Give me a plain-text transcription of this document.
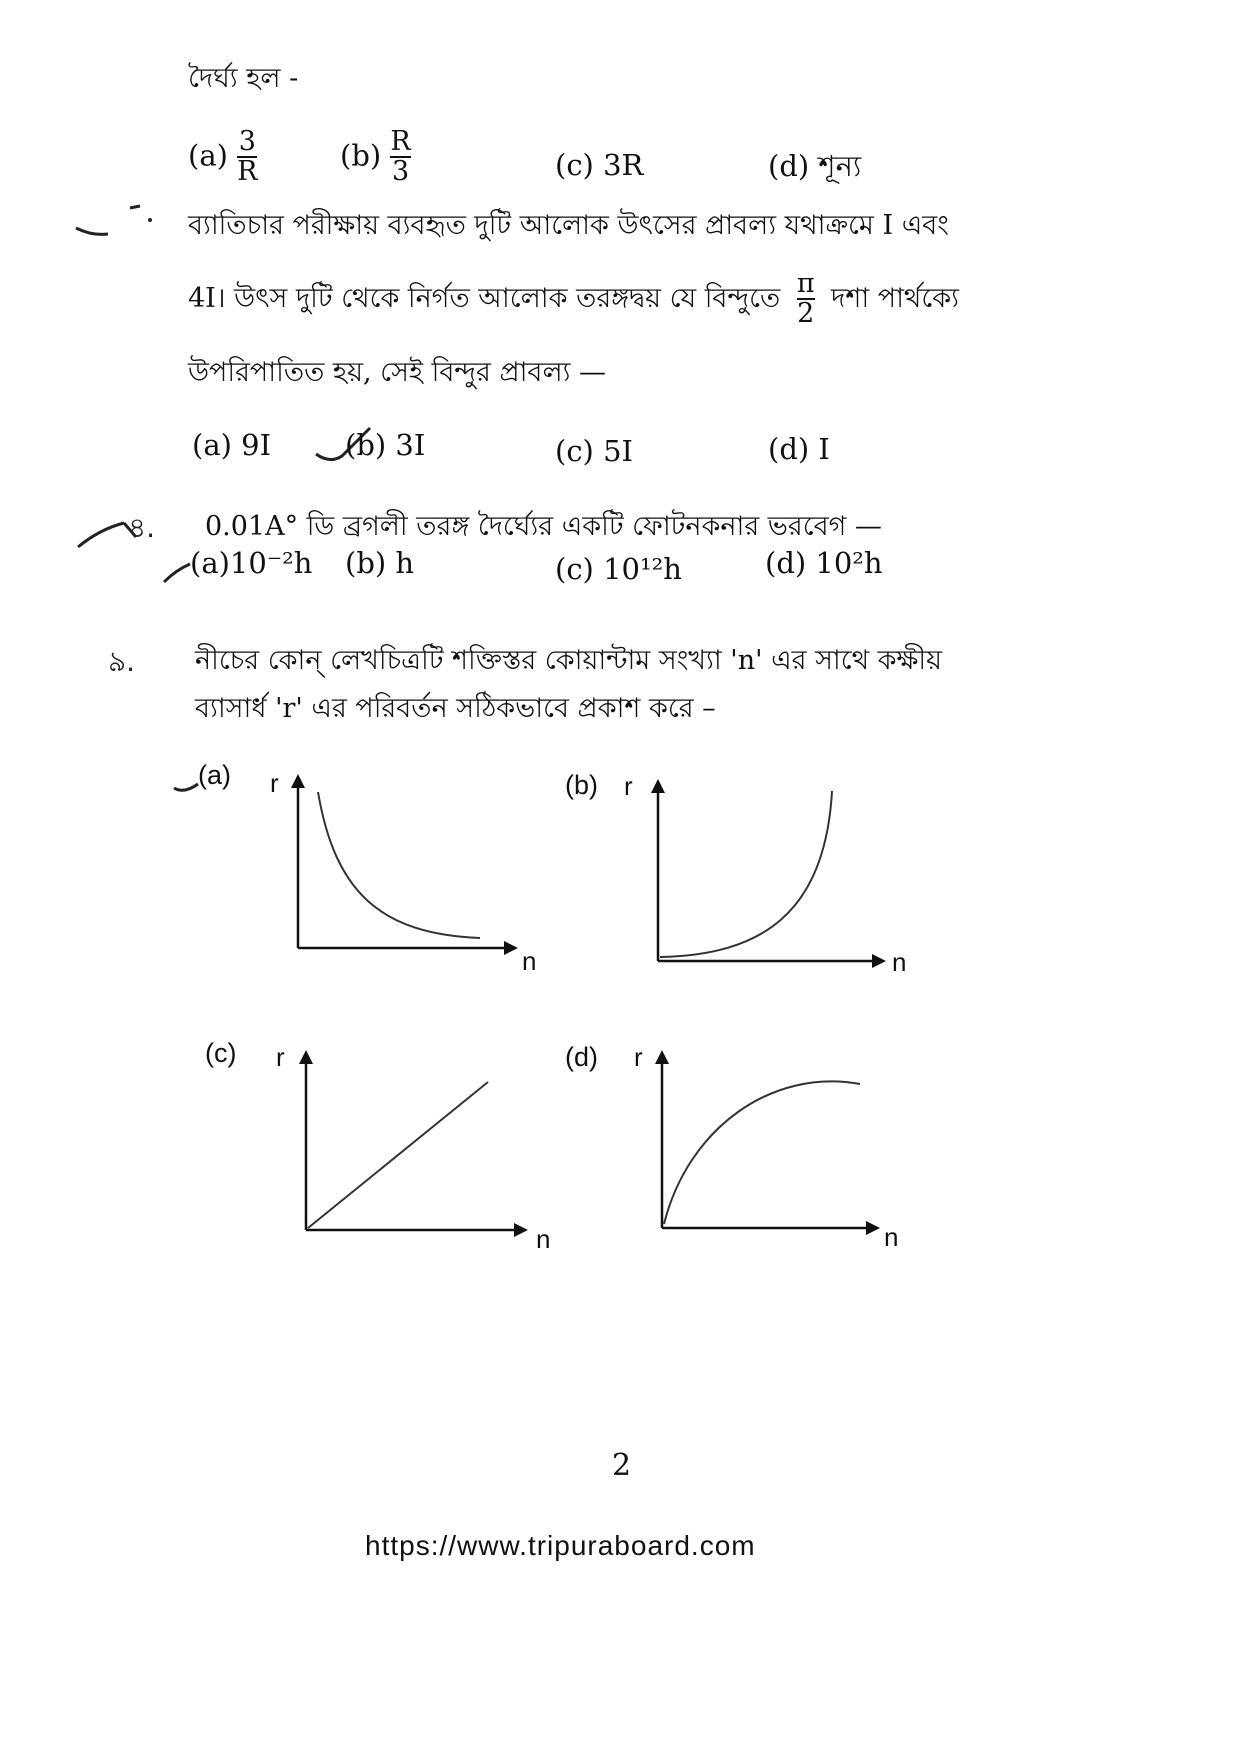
দৈর্ঘ্য হল -
$(a) \frac{3}{R}$	$(b) \frac{R}{3}$	(c) 3R	(d) শূন্য
ব্যাতিচার পরীক্ষায় ব্যবহৃত দুটি আলোক উৎসের প্রাবল্য যথাক্রমে I এবং
4I। উৎস দুটি থেকে নির্গত আলোক তরঙ্গদ্বয় যে বিন্দুতে $\frac{\pi}{2}$ দশা পার্থক্যে
উপরিপাতিত হয়, সেই বিন্দুর প্রাবল্য —
(a) 9I	(b) 3I	(c) 5I	(d) I
৪. 0.01A° ডি ব্রগলী তরঙ্গ দৈর্ঘ্যের একটি ফোটনকনার ভরবেগ —
(a)10⁻²h (b) h	(c) 10¹²h	(d) 10²h
৯. নীচের কোন্ লেখচিত্রটি শক্তিস্তর কোয়ান্টাম সংখ্যা 'n' এর সাথে কক্ষীয়
ব্যাসার্ধ 'r' এর পরিবর্তন সঠিকভাবে প্রকাশ করে –
(a) r
n
(b) r
n
(c) r
n
(d) r
n
2
https://www.tripuraboard.com
